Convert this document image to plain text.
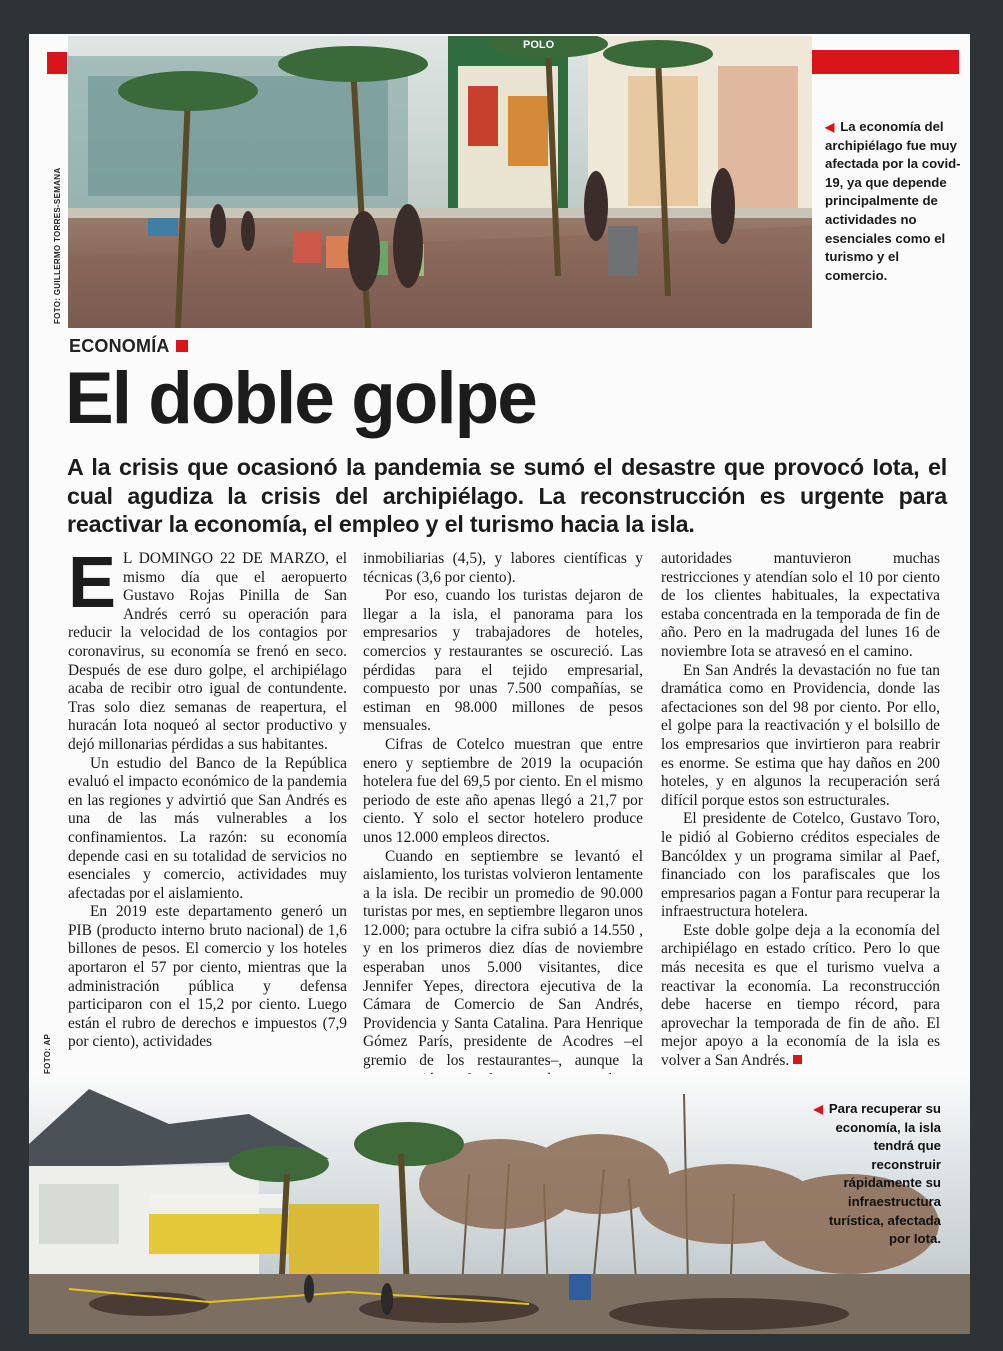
POLO
FOTO: GUILLERMO TORRES-SEMANA
◀ La economía del archipiélago fue muy afectada por la covid-19, ya que depende principalmente de actividades no esenciales como el turismo y el comercio.
ECONOMÍA
El doble golpe
A la crisis que ocasionó la pandemia se sumó el desastre que provocó Iota, el cual agudiza la crisis del archipiélago. La reconstrucción es urgente para reactivar la economía, el empleo y el turismo hacia la isla.

E L DOMINGO 22 DE MARZO, el mismo día que el aeropuerto Gustavo Rojas Pinilla de San Andrés cerró su operación para reducir la velocidad de los contagios por coronavirus, su economía se frenó en seco. Después de ese duro golpe, el archipiélago acaba de recibir otro igual de contundente. Tras solo diez semanas de reapertura, el huracán Iota noqueó al sector productivo y dejó millonarias pérdidas a sus habitantes.

Un estudio del Banco de la República evaluó el impacto económico de la pandemia en las regiones y advirtió que San Andrés es una de las más vulnerables a los confinamientos. La razón: su economía depende casi en su totalidad de servicios no esenciales y comercio, actividades muy afectadas por el aislamiento.

En 2019 este departamento generó un PIB (producto interno bruto nacional) de 1,6 billones de pesos. El comercio y los hoteles aportaron el 57 por ciento, mientras que la administración pública y defensa participaron con el 15,2 por ciento. Luego están el rubro de derechos e impuestos (7,9 por ciento), actividades

inmobiliarias (4,5), y labores científicas y técnicas (3,6 por ciento).

Por eso, cuando los turistas dejaron de llegar a la isla, el panorama para los empresarios y trabajadores de hoteles, comercios y restaurantes se oscureció. Las pérdidas para el tejido empresarial, compuesto por unas 7.500 compañías, se estiman en 98.000 millones de pesos mensuales.

Cifras de Cotelco muestran que entre enero y septiembre de 2019 la ocupación hotelera fue del 69,5 por ciento. En el mismo periodo de este año apenas llegó a 21,7 por ciento. Y solo el sector hotelero produce unos 12.000 empleos directos.

Cuando en septiembre se levantó el aislamiento, los turistas volvieron lentamente a la isla. De recibir un promedio de 90.000 turistas por mes, en septiembre llegaron unos 12.000; para octubre la cifra subió a 14.550 , y en los primeros diez días de noviembre esperaban unos 5.000 visitantes, dice Jennifer Yepes, directora ejecutiva de la Cámara de Comercio de San Andrés, Providencia y Santa Catalina. Para Henrique Gómez París, presidente de Acodres –el gremio de los restaurantes–, aunque la

autoridades mantuvieron muchas restricciones y atendían solo el 10 por ciento de los clientes habituales, la expectativa estaba concentrada en la temporada de fin de año. Pero en la madrugada del lunes 16 de noviembre Iota se atravesó en el camino.

En San Andrés la devastación no fue tan dramática como en Providencia, donde las afectaciones son del 98 por ciento. Por ello, el golpe para la reactivación y el bolsillo de los empresarios que invirtieron para reabrir es enorme. Se estima que hay daños en 200 hoteles, y en algunos la recuperación será difícil porque estos son estructurales.

El presidente de Cotelco, Gustavo Toro, le pidió al Gobierno créditos especiales de Bancóldex y un programa similar al Paef, financiado con los parafiscales que los empresarios pagan a Fontur para recuperar la infraestructura hotelera.

Este doble golpe deja a la economía del archipiélago en estado crítico. Pero lo que más necesita es que el turismo vuelva a reactivar la economía. La reconstrucción debe hacerse en tiempo récord, para aprovechar la temporada de fin de año. El mejor apoyo a la economía de la isla es volver a San Andrés.

FOTO: AP
◀ Para recuperar su economía, la isla tendrá que reconstruir rápidamente su infraestructura turística, afectada por Iota.
